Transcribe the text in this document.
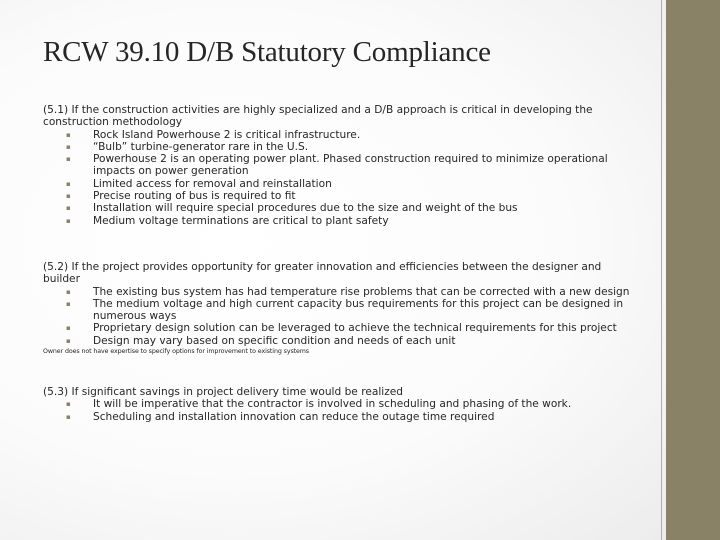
RCW 39.10 D/B Statutory Compliance

(5.1) If the construction activities are highly specialized and a D/B approach is critical in developing the construction methodology

▪ Rock Island Powerhouse 2 is critical infrastructure.
▪ “Bulb” turbine-generator rare in the U.S.
▪ Powerhouse 2 is an operating power plant. Phased construction required to minimize operational impacts on power generation
▪ Limited access for removal and reinstallation
▪ Precise routing of bus is required to fit
▪ Installation will require special procedures due to the size and weight of the bus
▪ Medium voltage terminations are critical to plant safety

(5.2) If the project provides opportunity for greater innovation and efficiencies between the designer and builder

▪ The existing bus system has had temperature rise problems that can be corrected with a new design
▪ The medium voltage and high current capacity bus requirements for this project can be designed in numerous ways
▪ Proprietary design solution can be leveraged to achieve the technical requirements for this project
▪ Design may vary based on specific condition and needs of each unit

Owner does not have expertise to specify options for improvement to existing systems

(5.3) If significant savings in project delivery time would be realized

▪ It will be imperative that the contractor is involved in scheduling and phasing of the work.
▪ Scheduling and installation innovation can reduce the outage time required
